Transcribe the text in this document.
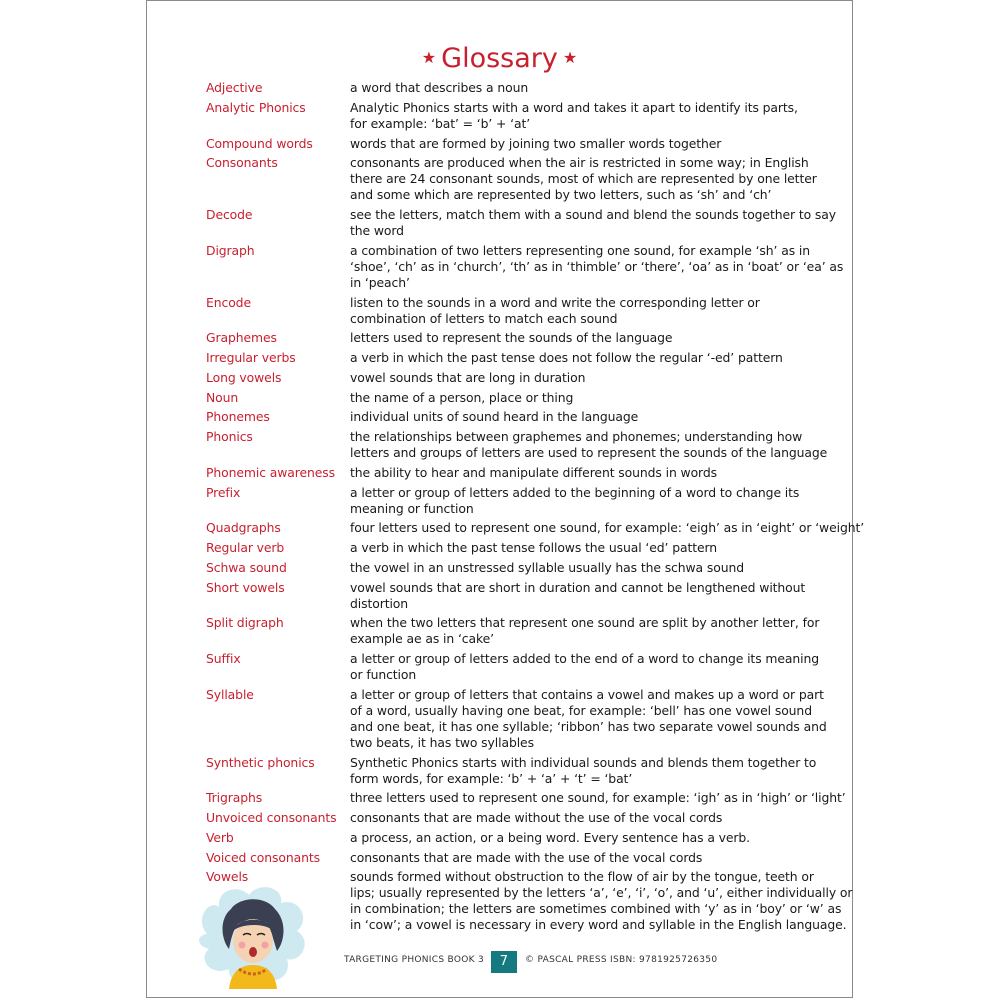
★ Glossary ★
Adjective	a word that describes a noun
Analytic Phonics	Analytic Phonics starts with a word and takes it apart to identify its parts,
for example: ‘bat’ = ‘b’ + ‘at’
Compound words	words that are formed by joining two smaller words together
Consonants	consonants are produced when the air is restricted in some way; in English
there are 24 consonant sounds, most of which are represented by one letter
and some which are represented by two letters, such as ‘sh’ and ‘ch’
Decode	see the letters, match them with a sound and blend the sounds together to say
the word
Digraph	a combination of two letters representing one sound, for example ‘sh’ as in
‘shoe’, ‘ch’ as in ‘church’, ‘th’ as in ‘thimble’ or ‘there’, ‘oa’ as in ‘boat’ or ‘ea’ as
in ‘peach’
Encode	listen to the sounds in a word and write the corresponding letter or
combination of letters to match each sound
Graphemes	letters used to represent the sounds of the language
Irregular verbs	a verb in which the past tense does not follow the regular ‘-ed’ pattern
Long vowels	vowel sounds that are long in duration
Noun	the name of a person, place or thing
Phonemes	individual units of sound heard in the language
Phonics	the relationships between graphemes and phonemes; understanding how
letters and groups of letters are used to represent the sounds of the language
Phonemic awareness	the ability to hear and manipulate different sounds in words
Prefix	a letter or group of letters added to the beginning of a word to change its
meaning or function
Quadgraphs	four letters used to represent one sound, for example: ‘eigh’ as in ‘eight’ or ‘weight’
Regular verb	a verb in which the past tense follows the usual ‘ed’ pattern
Schwa sound	the vowel in an unstressed syllable usually has the schwa sound
Short vowels	vowel sounds that are short in duration and cannot be lengthened without
distortion
Split digraph	when the two letters that represent one sound are split by another letter, for
example ae as in ‘cake’
Suffix	a letter or group of letters added to the end of a word to change its meaning
or function
Syllable	a letter or group of letters that contains a vowel and makes up a word or part
of a word, usually having one beat, for example: ‘bell’ has one vowel sound
and one beat, it has one syllable; ‘ribbon’ has two separate vowel sounds and
two beats, it has two syllables
Synthetic phonics	Synthetic Phonics starts with individual sounds and blends them together to
form words, for example: ‘b’ + ‘a’ + ‘t’ = ‘bat’
Trigraphs	three letters used to represent one sound, for example: ‘igh’ as in ‘high’ or ‘light’
Unvoiced consonants	consonants that are made without the use of the vocal cords
Verb	a process, an action, or a being word. Every sentence has a verb.
Voiced consonants	consonants that are made with the use of the vocal cords
Vowels	sounds formed without obstruction to the flow of air by the tongue, teeth or
lips; usually represented by the letters ‘a’, ‘e’, ‘i’, ‘o’, and ‘u’, either individually or
in combination; the letters are sometimes combined with ‘y’ as in ‘boy’ or ‘w’ as
in ‘cow’; a vowel is necessary in every word and syllable in the English language.
TARGETING PHONICS BOOK 3	7	© PASCAL PRESS ISBN: 9781925726350
